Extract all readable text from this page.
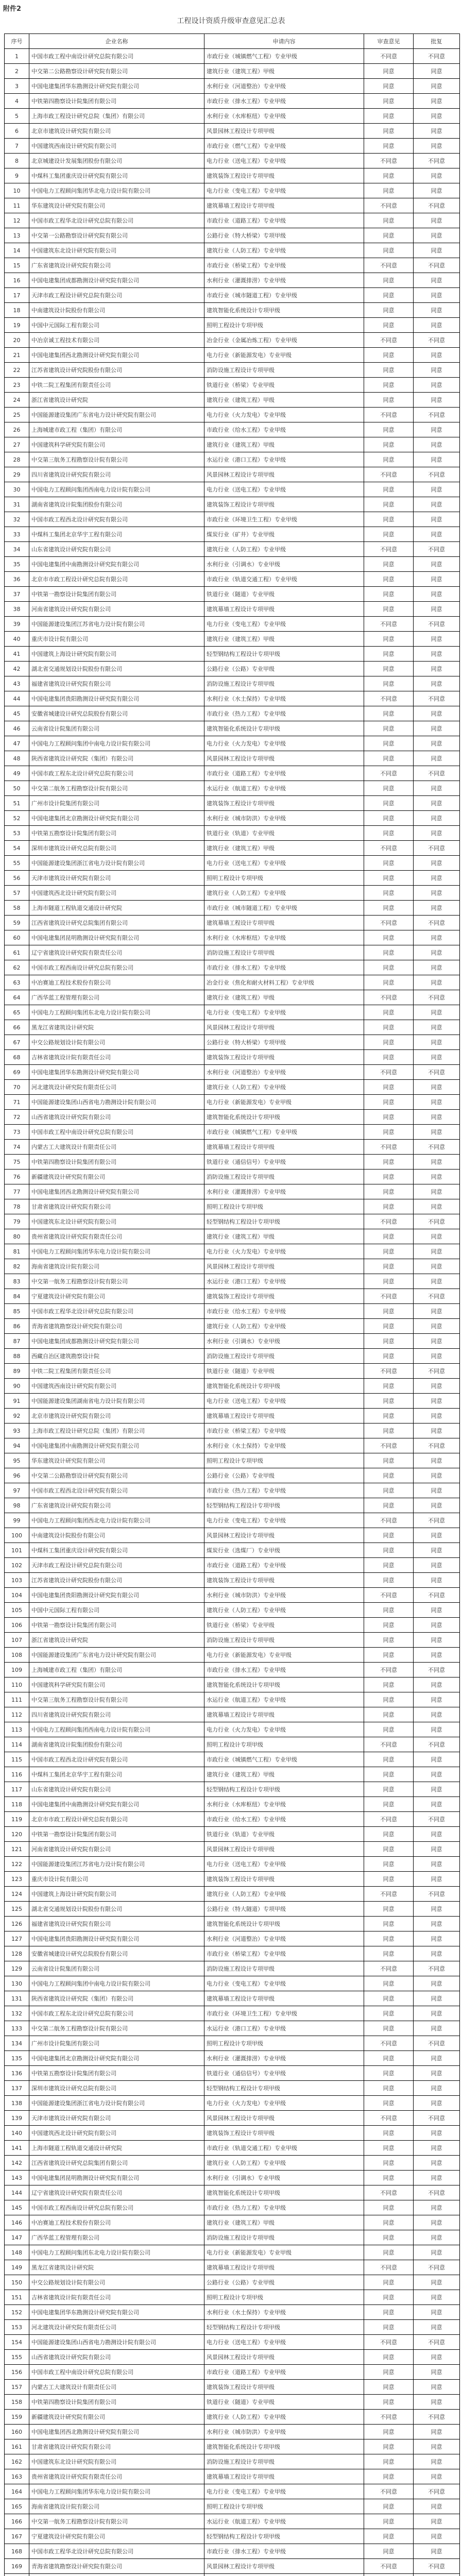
附件2
工程设计资质升级审查意见汇总表
序号	企业名称	申请内容	审查意见	批复
1	中国市政工程中南设计研究总院有限公司	市政行业（城镇燃气工程）专业甲级	不同意	不同意
2	中交第二公路勘察设计研究院有限公司	建筑行业（建筑工程）甲级	同意	同意
3	中国电建集团华东勘测设计研究院有限公司	水利行业（河道整治）专业甲级	同意	同意
4	中铁第四勘察设计院集团有限公司	市政行业（排水工程）专业甲级	同意	同意
5	上海市政工程设计研究总院（集团）有限公司	水利行业（水库枢纽）专业甲级	同意	同意
6	北京市建筑设计研究院有限公司	风景园林工程设计专项甲级	同意	同意
7	中国建筑西南设计研究院有限公司	市政行业（燃气工程）专业甲级	同意	同意
8	北京城建设计发展集团股份有限公司	电力行业（送电工程）专业甲级	不同意	不同意
9	中煤科工集团重庆设计研究院有限公司	建筑装饰工程设计专项甲级	同意	同意
10	中国电力工程顾问集团华北电力设计院有限公司	电力行业（变电工程）专业甲级	同意	同意
11	华东建筑设计研究院有限公司	建筑幕墙工程设计专项甲级	不同意	不同意
12	中国市政工程华北设计研究总院有限公司	市政行业（道路工程）专业甲级	同意	同意
13	中交第一公路勘察设计研究院有限公司	公路行业（特大桥梁）专项甲级	同意	同意
14	中国建筑东北设计研究院有限公司	建筑行业（人防工程）专业甲级	同意	同意
15	广东省建筑设计研究院有限公司	市政行业（桥梁工程）专业甲级	不同意	不同意
16	中国电建集团成都勘测设计研究院有限公司	水利行业（灌溉排涝）专业甲级	同意	同意
17	天津市政工程设计研究总院有限公司	市政行业（城市隧道工程）专业甲级	同意	同意
18	中南建筑设计院股份有限公司	建筑智能化系统设计专项甲级	同意	同意
19	中国中元国际工程有限公司	照明工程设计专项甲级	同意	同意
20	中冶京诚工程技术有限公司	冶金行业（金属冶炼工程）专业甲级	不同意	不同意
21	中国电建集团西北勘测设计研究院有限公司	电力行业（新能源发电）专业甲级	同意	同意
22	江苏省建筑设计研究院股份有限公司	消防设施工程设计专项甲级	同意	同意
23	中铁二院工程集团有限责任公司	铁道行业（桥梁）专业甲级	同意	同意
24	浙江省建筑设计研究院	建筑行业（建筑工程）甲级	同意	同意
25	中国能源建设集团广东省电力设计研究院有限公司	电力行业（火力发电）专业甲级	不同意	不同意
26	上海城建市政工程（集团）有限公司	市政行业（给水工程）专业甲级	同意	同意
27	中国建筑科学研究院有限公司	建筑行业（建筑工程）甲级	同意	同意
28	中交第三航务工程勘察设计院有限公司	水运行业（港口工程）专业甲级	同意	同意
29	四川省建筑设计研究院有限公司	风景园林工程设计专项甲级	不同意	不同意
30	中国电力工程顾问集团西南电力设计院有限公司	电力行业（送电工程）专业甲级	同意	同意
31	湖南省建筑设计院集团股份有限公司	建筑装饰工程设计专项甲级	同意	同意
32	中国市政工程西北设计研究院有限公司	市政行业（环境卫生工程）专业甲级	同意	同意
33	中煤科工集团北京华宇工程有限公司	煤炭行业（矿井）专业甲级	同意	同意
34	山东省建筑设计研究院有限公司	建筑行业（人防工程）专业甲级	不同意	不同意
35	中国电建集团中南勘测设计研究院有限公司	水利行业（引调水）专业甲级	同意	同意
36	北京市市政工程设计研究总院有限公司	市政行业（轨道交通工程）专业甲级	同意	同意
37	中铁第一勘察设计院集团有限公司	铁道行业（隧道）专业甲级	同意	同意
38	河南省建筑设计研究院有限公司	建筑幕墙工程设计专项甲级	同意	同意
39	中国能源建设集团江苏省电力设计院有限公司	电力行业（变电工程）专业甲级	不同意	不同意
40	重庆市设计院有限公司	建筑行业（建筑工程）甲级	同意	同意
41	中国建筑上海设计研究院有限公司	轻型钢结构工程设计专项甲级	同意	同意
42	湖北省交通规划设计院股份有限公司	公路行业（公路）专业甲级	同意	同意
43	福建省建筑设计研究院有限公司	消防设施工程设计专项甲级	同意	同意
44	中国电建集团贵阳勘测设计研究院有限公司	水利行业（水土保持）专业甲级	不同意	不同意
45	安徽省城建设计研究总院股份有限公司	市政行业（热力工程）专业甲级	同意	同意
46	云南省设计院集团有限公司	建筑智能化系统设计专项甲级	同意	同意
47	中国电力工程顾问集团中南电力设计院有限公司	电力行业（火力发电）专业甲级	同意	同意
48	陕西省建筑设计研究院（集团）有限公司	风景园林工程设计专项甲级	同意	同意
49	中国市政工程东北设计研究总院有限公司	市政行业（道路工程）专业甲级	不同意	不同意
50	中交第二航务工程勘察设计院有限公司	水运行业（航道工程）专业甲级	同意	同意
51	广州市设计院集团有限公司	建筑装饰工程设计专项甲级	同意	同意
52	中国电建集团北京勘测设计研究院有限公司	水利行业（城市防洪）专业甲级	同意	同意
53	中铁第五勘察设计院集团有限公司	铁道行业（轨道）专业甲级	同意	同意
54	深圳市建筑设计研究总院有限公司	建筑行业（建筑工程）甲级	不同意	不同意
55	中国能源建设集团浙江省电力设计院有限公司	电力行业（送电工程）专业甲级	同意	同意
56	天津市建筑设计研究院有限公司	照明工程设计专项甲级	同意	同意
57	中国建筑西北设计研究院有限公司	建筑行业（人防工程）专业甲级	同意	同意
58	上海市隧道工程轨道交通设计研究院	市政行业（城市隧道工程）专业甲级	同意	同意
59	江西省建筑设计研究总院集团有限公司	建筑幕墙工程设计专项甲级	不同意	不同意
60	中国电建集团昆明勘测设计研究院有限公司	水利行业（水库枢纽）专业甲级	同意	同意
61	辽宁省建筑设计研究院有限责任公司	消防设施工程设计专项甲级	同意	同意
62	中国市政工程西南设计研究总院有限公司	市政行业（排水工程）专业甲级	同意	同意
63	中冶赛迪工程技术股份有限公司	冶金行业（焦化和耐火材料工程）专业甲级	同意	同意
64	广西华蓝工程管理有限公司	建筑行业（建筑工程）甲级	不同意	不同意
65	中国电力工程顾问集团东北电力设计院有限公司	电力行业（变电工程）专业甲级	同意	同意
66	黑龙江省建筑设计研究院	风景园林工程设计专项甲级	同意	同意
67	中交公路规划设计院有限公司	公路行业（特大桥梁）专项甲级	同意	同意
68	吉林省建筑设计院有限责任公司	建筑装饰工程设计专项甲级	同意	同意
69	中国电建集团华东勘测设计研究院有限公司	水利行业（河道整治）专业甲级	不同意	不同意
70	河北建筑设计研究院有限责任公司	建筑行业（人防工程）专业甲级	同意	同意
71	中国能源建设集团山西省电力勘测设计院有限公司	电力行业（新能源发电）专业甲级	同意	同意
72	山西省建筑设计研究院有限公司	建筑智能化系统设计专项甲级	同意	同意
73	中国市政工程中南设计研究总院有限公司	市政行业（城镇燃气工程）专业甲级	同意	同意
74	内蒙古工大建筑设计有限责任公司	建筑幕墙工程设计专项甲级	不同意	不同意
75	中铁第四勘察设计院集团有限公司	铁道行业（通信信号）专业甲级	同意	同意
76	新疆建筑设计研究院有限公司	消防设施工程设计专项甲级	同意	同意
77	中国电建集团西北勘测设计研究院有限公司	水利行业（灌溉排涝）专业甲级	同意	同意
78	甘肃省建筑设计研究院有限公司	照明工程设计专项甲级	同意	同意
79	中国建筑东北设计研究院有限公司	轻型钢结构工程设计专项甲级	不同意	不同意
80	贵州省建筑设计研究院有限责任公司	建筑行业（建筑工程）甲级	同意	同意
81	中国电力工程顾问集团华东电力设计院有限公司	电力行业（火力发电）专业甲级	同意	同意
82	海南省建筑设计院有限公司	风景园林工程设计专项甲级	同意	同意
83	中交第一航务工程勘察设计院有限公司	水运行业（港口工程）专业甲级	同意	同意
84	宁夏建筑设计研究院有限公司	建筑装饰工程设计专项甲级	不同意	不同意
85	中国市政工程华北设计研究总院有限公司	市政行业（给水工程）专业甲级	同意	同意
86	青海省建筑勘察设计研究院有限公司	建筑行业（人防工程）专业甲级	同意	同意
87	中国电建集团成都勘测设计研究院有限公司	水利行业（引调水）专业甲级	同意	同意
88	西藏自治区建筑勘察设计院	消防设施工程设计专项甲级	同意	同意
89	中铁二院工程集团有限责任公司	铁道行业（隧道）专业甲级	不同意	不同意
90	中国建筑西南设计研究院有限公司	建筑智能化系统设计专项甲级	同意	同意
91	中国能源建设集团湖南省电力设计院有限公司	电力行业（送电工程）专业甲级	同意	同意
92	北京市建筑设计研究院有限公司	建筑幕墙工程设计专项甲级	同意	同意
93	上海市政工程设计研究总院（集团）有限公司	市政行业（桥梁工程）专业甲级	同意	同意
94	中国电建集团中南勘测设计研究院有限公司	水利行业（水土保持）专业甲级	不同意	不同意
95	华东建筑设计研究院有限公司	照明工程设计专项甲级	同意	同意
96	中交第二公路勘察设计研究院有限公司	公路行业（公路）专业甲级	同意	同意
97	中国市政工程西北设计研究院有限公司	市政行业（热力工程）专业甲级	同意	同意
98	广东省建筑设计研究院有限公司	轻型钢结构工程设计专项甲级	同意	同意
99	中国电力工程顾问集团西北电力设计院有限公司	电力行业（变电工程）专业甲级	不同意	不同意
100	中南建筑设计院股份有限公司	风景园林工程设计专项甲级	同意	同意
101	中煤科工集团重庆设计研究院有限公司	煤炭行业（选煤厂）专业甲级	同意	同意
102	天津市政工程设计研究总院有限公司	市政行业（道路工程）专业甲级	同意	同意
103	江苏省建筑设计研究院股份有限公司	建筑装饰工程设计专项甲级	同意	同意
104	中国电建集团贵阳勘测设计研究院有限公司	水利行业（城市防洪）专业甲级	不同意	不同意
105	中国中元国际工程有限公司	建筑行业（人防工程）专业甲级	同意	同意
106	中铁第一勘察设计院集团有限公司	铁道行业（桥梁）专业甲级	同意	同意
107	浙江省建筑设计研究院	消防设施工程设计专项甲级	同意	同意
108	中国能源建设集团广东省电力设计研究院有限公司	电力行业（新能源发电）专业甲级	同意	同意
109	上海城建市政工程（集团）有限公司	市政行业（排水工程）专业甲级	不同意	不同意
110	中国建筑科学研究院有限公司	建筑智能化系统设计专项甲级	同意	同意
111	中交第三航务工程勘察设计院有限公司	水运行业（航道工程）专业甲级	同意	同意
112	四川省建筑设计研究院有限公司	建筑幕墙工程设计专项甲级	同意	同意
113	中国电力工程顾问集团西南电力设计院有限公司	电力行业（火力发电）专业甲级	同意	同意
114	湖南省建筑设计院集团股份有限公司	照明工程设计专项甲级	不同意	不同意
115	中国市政工程西北设计研究院有限公司	市政行业（城镇燃气工程）专业甲级	同意	同意
116	中煤科工集团北京华宇工程有限公司	建筑行业（建筑工程）甲级	同意	同意
117	山东省建筑设计研究院有限公司	轻型钢结构工程设计专项甲级	同意	同意
118	中国电建集团中南勘测设计研究院有限公司	水利行业（水库枢纽）专业甲级	同意	同意
119	北京市市政工程设计研究总院有限公司	市政行业（给水工程）专业甲级	不同意	不同意
120	中铁第一勘察设计院集团有限公司	铁道行业（轨道）专业甲级	同意	同意
121	河南省建筑设计研究院有限公司	风景园林工程设计专项甲级	同意	同意
122	中国能源建设集团江苏省电力设计院有限公司	电力行业（送电工程）专业甲级	同意	同意
123	重庆市设计院有限公司	建筑装饰工程设计专项甲级	同意	同意
124	中国建筑上海设计研究院有限公司	建筑行业（人防工程）专业甲级	不同意	不同意
125	湖北省交通规划设计院股份有限公司	公路行业（特大隧道）专项甲级	同意	同意
126	福建省建筑设计研究院有限公司	建筑智能化系统设计专项甲级	同意	同意
127	中国电建集团贵阳勘测设计研究院有限公司	水利行业（河道整治）专业甲级	同意	同意
128	安徽省城建设计研究总院股份有限公司	市政行业（桥梁工程）专业甲级	同意	同意
129	云南省设计院集团有限公司	消防设施工程设计专项甲级	不同意	不同意
130	中国电力工程顾问集团中南电力设计院有限公司	电力行业（变电工程）专业甲级	同意	同意
131	陕西省建筑设计研究院（集团）有限公司	建筑幕墙工程设计专项甲级	同意	同意
132	中国市政工程东北设计研究总院有限公司	市政行业（环境卫生工程）专业甲级	同意	同意
133	中交第二航务工程勘察设计院有限公司	水运行业（港口工程）专业甲级	同意	同意
134	广州市设计院集团有限公司	照明工程设计专项甲级	不同意	不同意
135	中国电建集团北京勘测设计研究院有限公司	水利行业（灌溉排涝）专业甲级	同意	同意
136	中铁第五勘察设计院集团有限公司	铁道行业（通信信号）专业甲级	同意	同意
137	深圳市建筑设计研究总院有限公司	轻型钢结构工程设计专项甲级	同意	同意
138	中国能源建设集团浙江省电力设计院有限公司	电力行业（火力发电）专业甲级	同意	同意
139	天津市建筑设计研究院有限公司	风景园林工程设计专项甲级	不同意	不同意
140	中国建筑西北设计研究院有限公司	建筑装饰工程设计专项甲级	同意	同意
141	上海市隧道工程轨道交通设计研究院	市政行业（轨道交通工程）专业甲级	同意	同意
142	江西省建筑设计研究总院集团有限公司	建筑行业（人防工程）专业甲级	同意	同意
143	中国电建集团昆明勘测设计研究院有限公司	水利行业（引调水）专业甲级	同意	同意
144	辽宁省建筑设计研究院有限责任公司	建筑智能化系统设计专项甲级	不同意	不同意
145	中国市政工程西南设计研究总院有限公司	市政行业（热力工程）专业甲级	同意	同意
146	中冶赛迪工程技术股份有限公司	建筑行业（建筑工程）甲级	同意	同意
147	广西华蓝工程管理有限公司	消防设施工程设计专项甲级	同意	同意
148	中国电力工程顾问集团东北电力设计院有限公司	电力行业（新能源发电）专业甲级	同意	同意
149	黑龙江省建筑设计研究院	建筑幕墙工程设计专项甲级	不同意	不同意
150	中交公路规划设计院有限公司	公路行业（公路）专业甲级	同意	同意
151	吉林省建筑设计院有限责任公司	照明工程设计专项甲级	同意	同意
152	中国电建集团华东勘测设计研究院有限公司	水利行业（水土保持）专业甲级	同意	同意
153	河北建筑设计研究院有限责任公司	轻型钢结构工程设计专项甲级	同意	同意
154	中国能源建设集团山西省电力勘测设计院有限公司	电力行业（送电工程）专业甲级	不同意	不同意
155	山西省建筑设计研究院有限公司	风景园林工程设计专项甲级	同意	同意
156	中国市政工程中南设计研究总院有限公司	市政行业（道路工程）专业甲级	同意	同意
157	内蒙古工大建筑设计有限责任公司	建筑装饰工程设计专项甲级	同意	同意
158	中铁第四勘察设计院集团有限公司	铁道行业（隧道）专业甲级	同意	同意
159	新疆建筑设计研究院有限公司	建筑行业（人防工程）专业甲级	不同意	不同意
160	中国电建集团西北勘测设计研究院有限公司	水利行业（城市防洪）专业甲级	同意	同意
161	甘肃省建筑设计研究院有限公司	建筑智能化系统设计专项甲级	同意	同意
162	中国建筑东北设计研究院有限公司	消防设施工程设计专项甲级	同意	同意
163	贵州省建筑设计研究院有限责任公司	建筑幕墙工程设计专项甲级	同意	同意
164	中国电力工程顾问集团华东电力设计院有限公司	电力行业（变电工程）专业甲级	不同意	不同意
165	海南省建筑设计院有限公司	照明工程设计专项甲级	同意	同意
166	中交第一航务工程勘察设计院有限公司	水运行业（航道工程）专业甲级	同意	同意
167	宁夏建筑设计研究院有限公司	轻型钢结构工程设计专项甲级	同意	同意
168	中国市政工程华北设计研究总院有限公司	市政行业（排水工程）专业甲级	同意	同意
169	青海省建筑勘察设计研究院有限公司	风景园林工程设计专项甲级	不同意	不同意
